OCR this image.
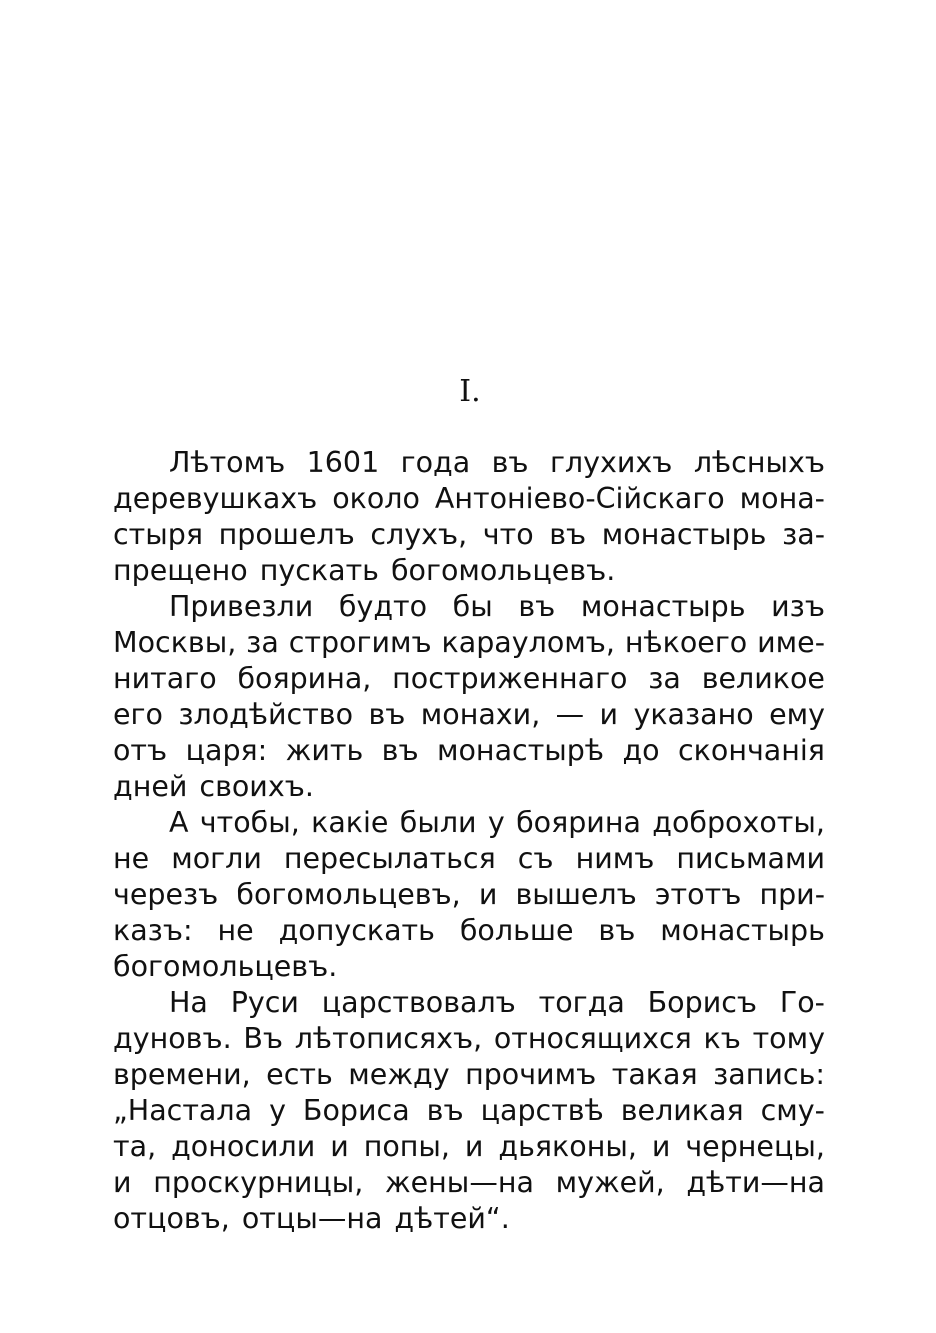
I.
Лѣтомъ 1601 года въ глухихъ лѣсныхъ
деревушкахъ около Антоніево-Сійскаго мона-
стыря прошелъ слухъ, что въ монастырь за-
прещено пускать богомольцевъ.
Привезли будто бы въ монастырь изъ
Москвы, за строгимъ карауломъ, нѣкоего име-
нитаго боярина, постриженнаго за великое
его злодѣйство въ монахи, — и указано ему
отъ царя: жить въ монастырѣ до скончанія
дней своихъ.
А чтобы, какіе были у боярина доброхоты,
не могли пересылаться съ нимъ письмами
черезъ богомольцевъ, и вышелъ этотъ при-
казъ: не допускать больше въ монастырь
богомольцевъ.
На Руси царствовалъ тогда Борисъ Го-
дуновъ. Въ лѣтописяхъ, относящихся къ тому
времени, есть между прочимъ такая запись:
„Настала у Бориса въ царствѣ великая сму-
та, доносили и попы, и дьяконы, и чернецы,
и проскурницы, жены—на мужей, дѣти—на
отцовъ, отцы—на дѣтей“.
